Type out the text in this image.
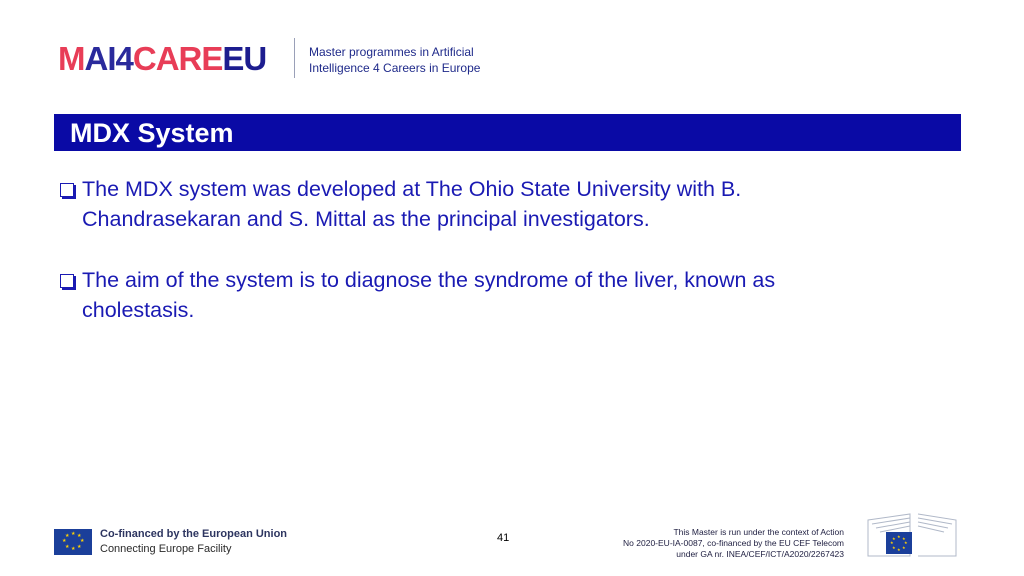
M AI4 CARE EU	Master programmes in Artificial
Intelligence 4 Careers in Europe
MDX System
The MDX system was developed at The Ohio State University with B. Chandrasekaran and S. Mittal as the principal investigators.
The aim of the system is to diagnose the syndrome of the liver, known as cholestasis.
★ ★
★
★
★
★
★
★	Co-financed by the European Union
Connecting Europe Facility
41	This Master is run under the context of Action
No 2020-EU-IA-0087, co-financed by the EU CEF Telecom
under GA nr. INEA/CEF/ICT/A2020/2267423
★ ★
★
★
★
★
★
★
